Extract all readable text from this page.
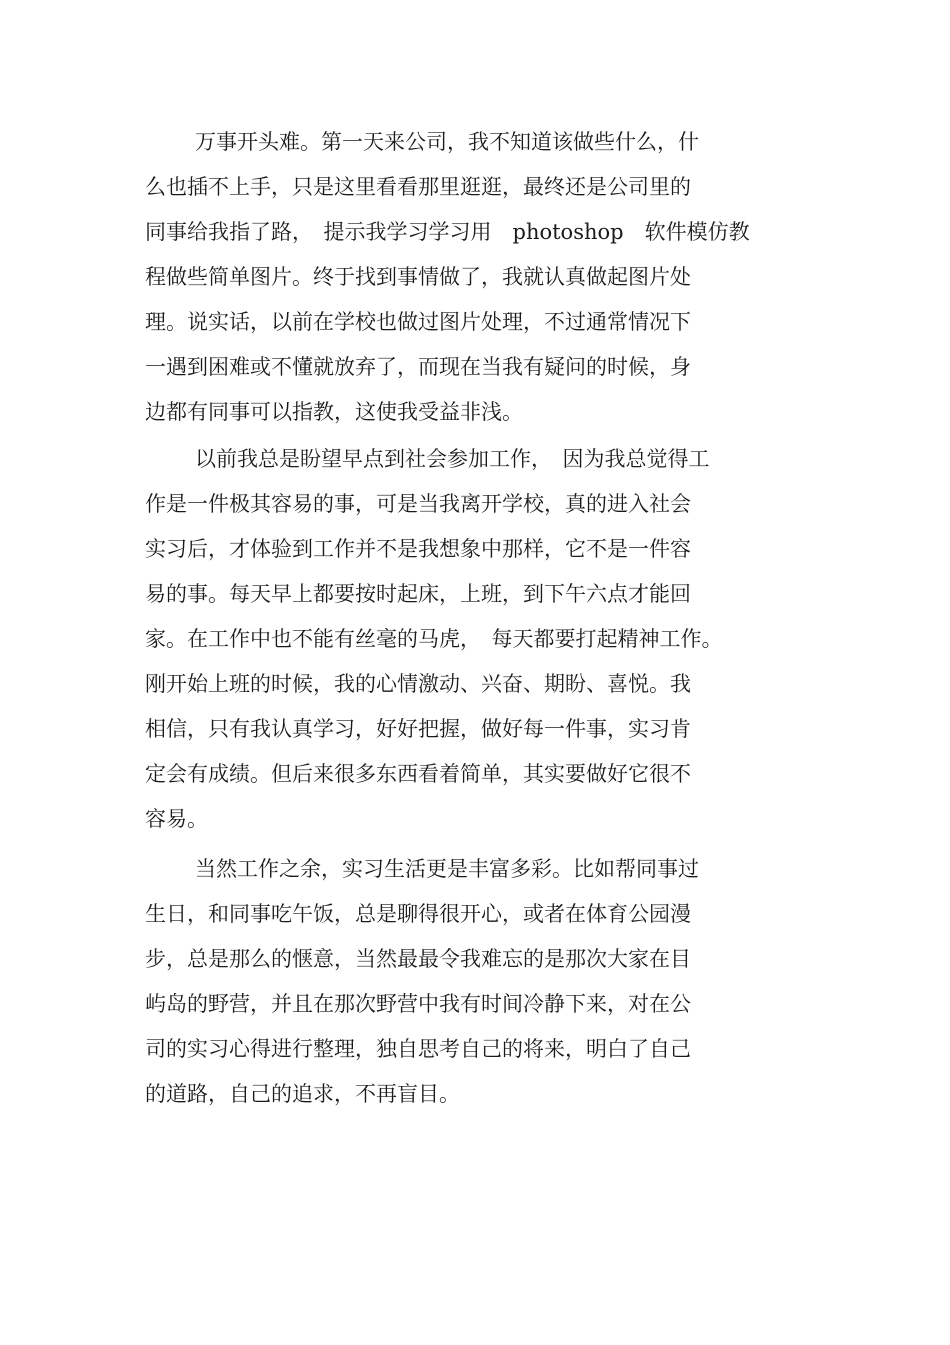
万事开头难。第一天来公司，我不知道该做些什么，什
么也插不上手，只是这里看看那里逛逛，最终还是公司里的
同事给我指了路，　提示我学习学习用　photoshop　软件模仿教
程做些简单图片。终于找到事情做了，我就认真做起图片处
理。说实话，以前在学校也做过图片处理，不过通常情况下
一遇到困难或不懂就放弃了，而现在当我有疑问的时候，身
边都有同事可以指教，这使我受益非浅。
以前我总是盼望早点到社会参加工作，　因为我总觉得工
作是一件极其容易的事，可是当我离开学校，真的进入社会
实习后，才体验到工作并不是我想象中那样，它不是一件容
易的事。每天早上都要按时起床，上班，到下午六点才能回
家。在工作中也不能有丝毫的马虎，　每天都要打起精神工作。
刚开始上班的时候，我的心情激动、兴奋、期盼、喜悦。我
相信，只有我认真学习，好好把握，做好每一件事，实习肯
定会有成绩。但后来很多东西看着简单，其实要做好它很不
容易。
当然工作之余，实习生活更是丰富多彩。比如帮同事过
生日，和同事吃午饭，总是聊得很开心，或者在体育公园漫
步，总是那么的惬意，当然最最令我难忘的是那次大家在目
屿岛的野营，并且在那次野营中我有时间冷静下来，对在公
司的实习心得进行整理，独自思考自己的将来，明白了自己
的道路，自己的追求，不再盲目。
